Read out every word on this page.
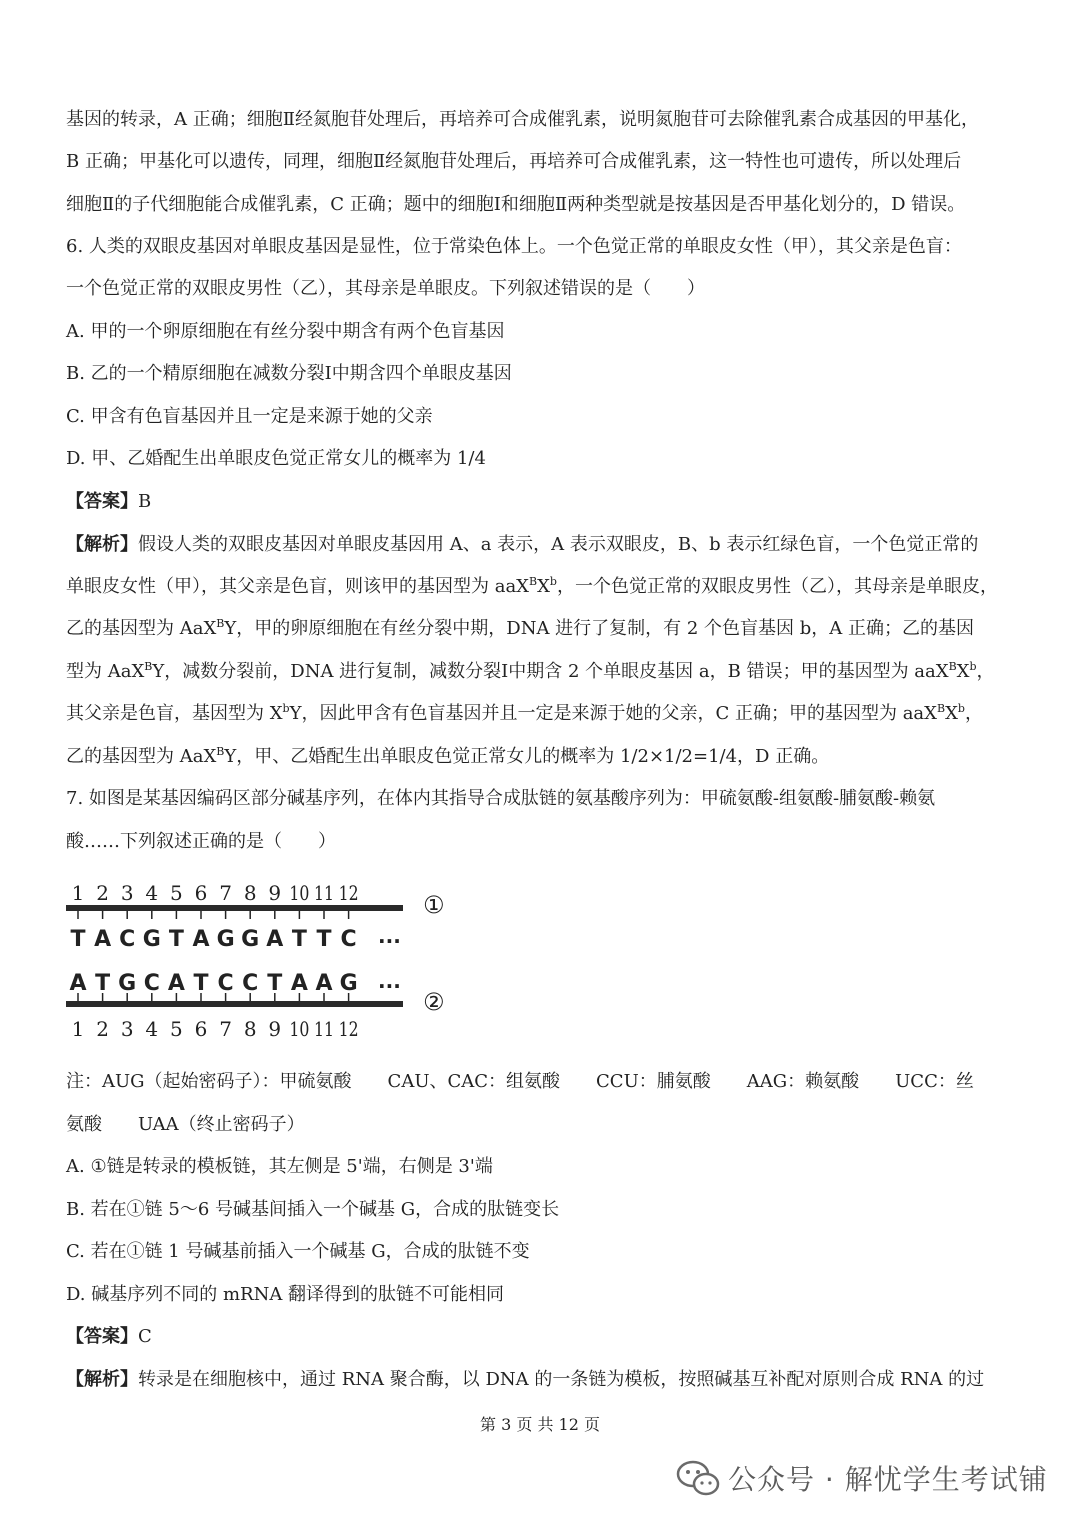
基因的转录，A 正确；细胞Ⅱ经氮胞苷处理后，再培养可合成催乳素，说明氮胞苷可去除催乳素合成基因的甲基化，
B 正确；甲基化可以遗传，同理，细胞Ⅱ经氮胞苷处理后，再培养可合成催乳素，这一特性也可遗传，所以处理后
细胞Ⅱ的子代细胞能合成催乳素，C 正确；题中的细胞Ⅰ和细胞Ⅱ两种类型就是按基因是否甲基化划分的，D 错误。
6. 人类的双眼皮基因对单眼皮基因是显性，位于常染色体上。一个色觉正常的单眼皮女性（甲），其父亲是色盲：
一个色觉正常的双眼皮男性（乙），其母亲是单眼皮。下列叙述错误的是（　　）
A. 甲的一个卵原细胞在有丝分裂中期含有两个色盲基因
B. 乙的一个精原细胞在减数分裂Ⅰ中期含四个单眼皮基因
C. 甲含有色盲基因并且一定是来源于她的父亲
D. 甲、乙婚配生出单眼皮色觉正常女儿的概率为 1/4
【答案】B
【解析】假设人类的双眼皮基因对单眼皮基因用 A、a 表示，A 表示双眼皮，B、b 表示红绿色盲，一个色觉正常的
单眼皮女性（甲），其父亲是色盲，则该甲的基因型为 $aaX^BX^b$，一个色觉正常的双眼皮男性（乙），其母亲是单眼皮，
乙的基因型为 AaX$^B$Y，甲的卵原细胞在有丝分裂中期，DNA 进行了复制，有 2 个色盲基因 b，A 正确；乙的基因
型为 AaX$^B$Y，减数分裂前，DNA 进行复制，减数分裂Ⅰ中期含 2 个单眼皮基因 a，B 错误；甲的基因型为 $aaX^BX^b$，
其父亲是色盲，基因型为 $X^bY$，因此甲含有色盲基因并且一定是来源于她的父亲，C 正确；甲的基因型为 $aaX^BX^b$，
乙的基因型为 AaX$^B$Y，甲、乙婚配生出单眼皮色觉正常女儿的概率为 1/2×1/2=1/4，D 正确。
7. 如图是某基因编码区部分碱基序列，在体内其指导合成肽链的氨基酸序列为：甲硫氨酸-组氨酸-脯氨酸-赖氨
酸……下列叙述正确的是（　　）
1 2 3 4 5 6 7 8 9 10 11 12	①
T A C G T A G G A T T C ···
A T G C A T C C T A A G ···
②
1 2 3 4 5 6 7 8 9 10 11 12
注：AUG（起始密码子）：甲硫氨酸　　CAU、CAC：组氨酸　　CCU：脯氨酸　　AAG：赖氨酸　　UCC：丝
氨酸　　UAA（终止密码子）
A. ①链是转录的模板链，其左侧是 5'端，右侧是 3'端
B. 若在①链 5～6 号碱基间插入一个碱基 G，合成的肽链变长
C. 若在①链 1 号碱基前插入一个碱基 G，合成的肽链不变
D. 碱基序列不同的 mRNA 翻译得到的肽链不可能相同
【答案】C
【解析】转录是在细胞核中，通过 RNA 聚合酶，以 DNA 的一条链为模板，按照碱基互补配对原则合成 RNA 的过
第 3 页 共 12 页
公众号 · 解忧学生考试铺
